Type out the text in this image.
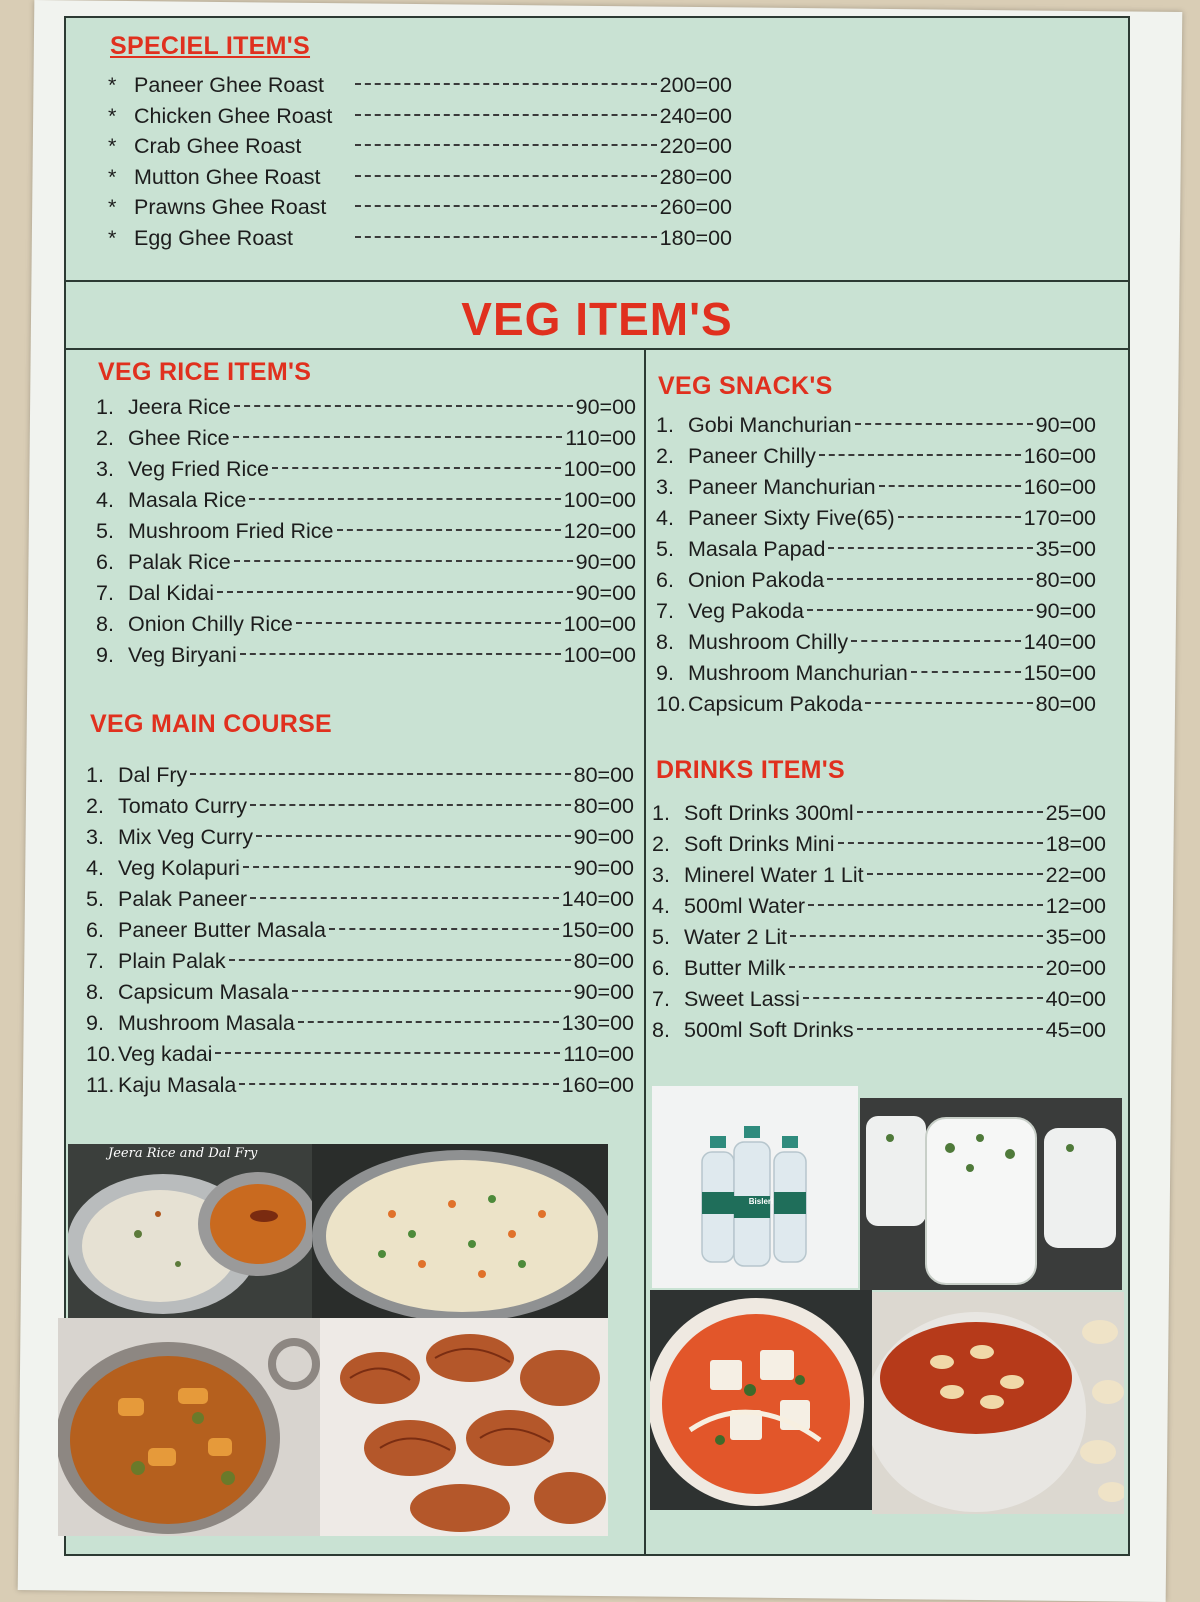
SPECIEL ITEM'S
* Paneer Ghee Roast	200=00
* Chicken Ghee Roast	240=00
* Crab Ghee Roast	220=00
* Mutton Ghee Roast	280=00
* Prawns Ghee Roast	260=00
* Egg Ghee Roast	180=00
VEG ITEM'S
VEG RICE ITEM'S
1. Jeera Rice	90=00
2. Ghee Rice	110=00
3. Veg Fried Rice	100=00
4. Masala Rice	100=00
5. Mushroom Fried Rice	120=00
6. Palak Rice	90=00
7. Dal Kidai	90=00
8. Onion Chilly Rice	100=00
9. Veg Biryani	100=00
VEG MAIN COURSE
1. Dal Fry	80=00
2. Tomato Curry	80=00
3. Mix Veg Curry	90=00
4. Veg Kolapuri	90=00
5. Palak Paneer	140=00
6. Paneer Butter Masala	150=00
7. Plain Palak	80=00
8. Capsicum Masala	90=00
9. Mushroom Masala	130=00
10. Veg kadai	110=00
11. Kaju Masala	160=00
VEG SNACK'S
1. Gobi Manchurian	90=00
2. Paneer Chilly	160=00
3. Paneer Manchurian	160=00
4. Paneer Sixty Five(65)	170=00
5. Masala Papad	35=00
6. Onion Pakoda	80=00
7. Veg Pakoda	90=00
8. Mushroom Chilly	140=00
9. Mushroom Manchurian	150=00
10. Capsicum Pakoda	80=00
DRINKS ITEM'S
1. Soft Drinks 300ml	25=00
2. Soft Drinks Mini	18=00
3. Minerel Water 1 Lit	22=00
4. 500ml Water	12=00
5. Water 2 Lit	35=00
6. Butter Milk	20=00
7. Sweet Lassi	40=00
8. 500ml Soft Drinks	45=00
Jeera Rice and Dal Fry
Bisleri
